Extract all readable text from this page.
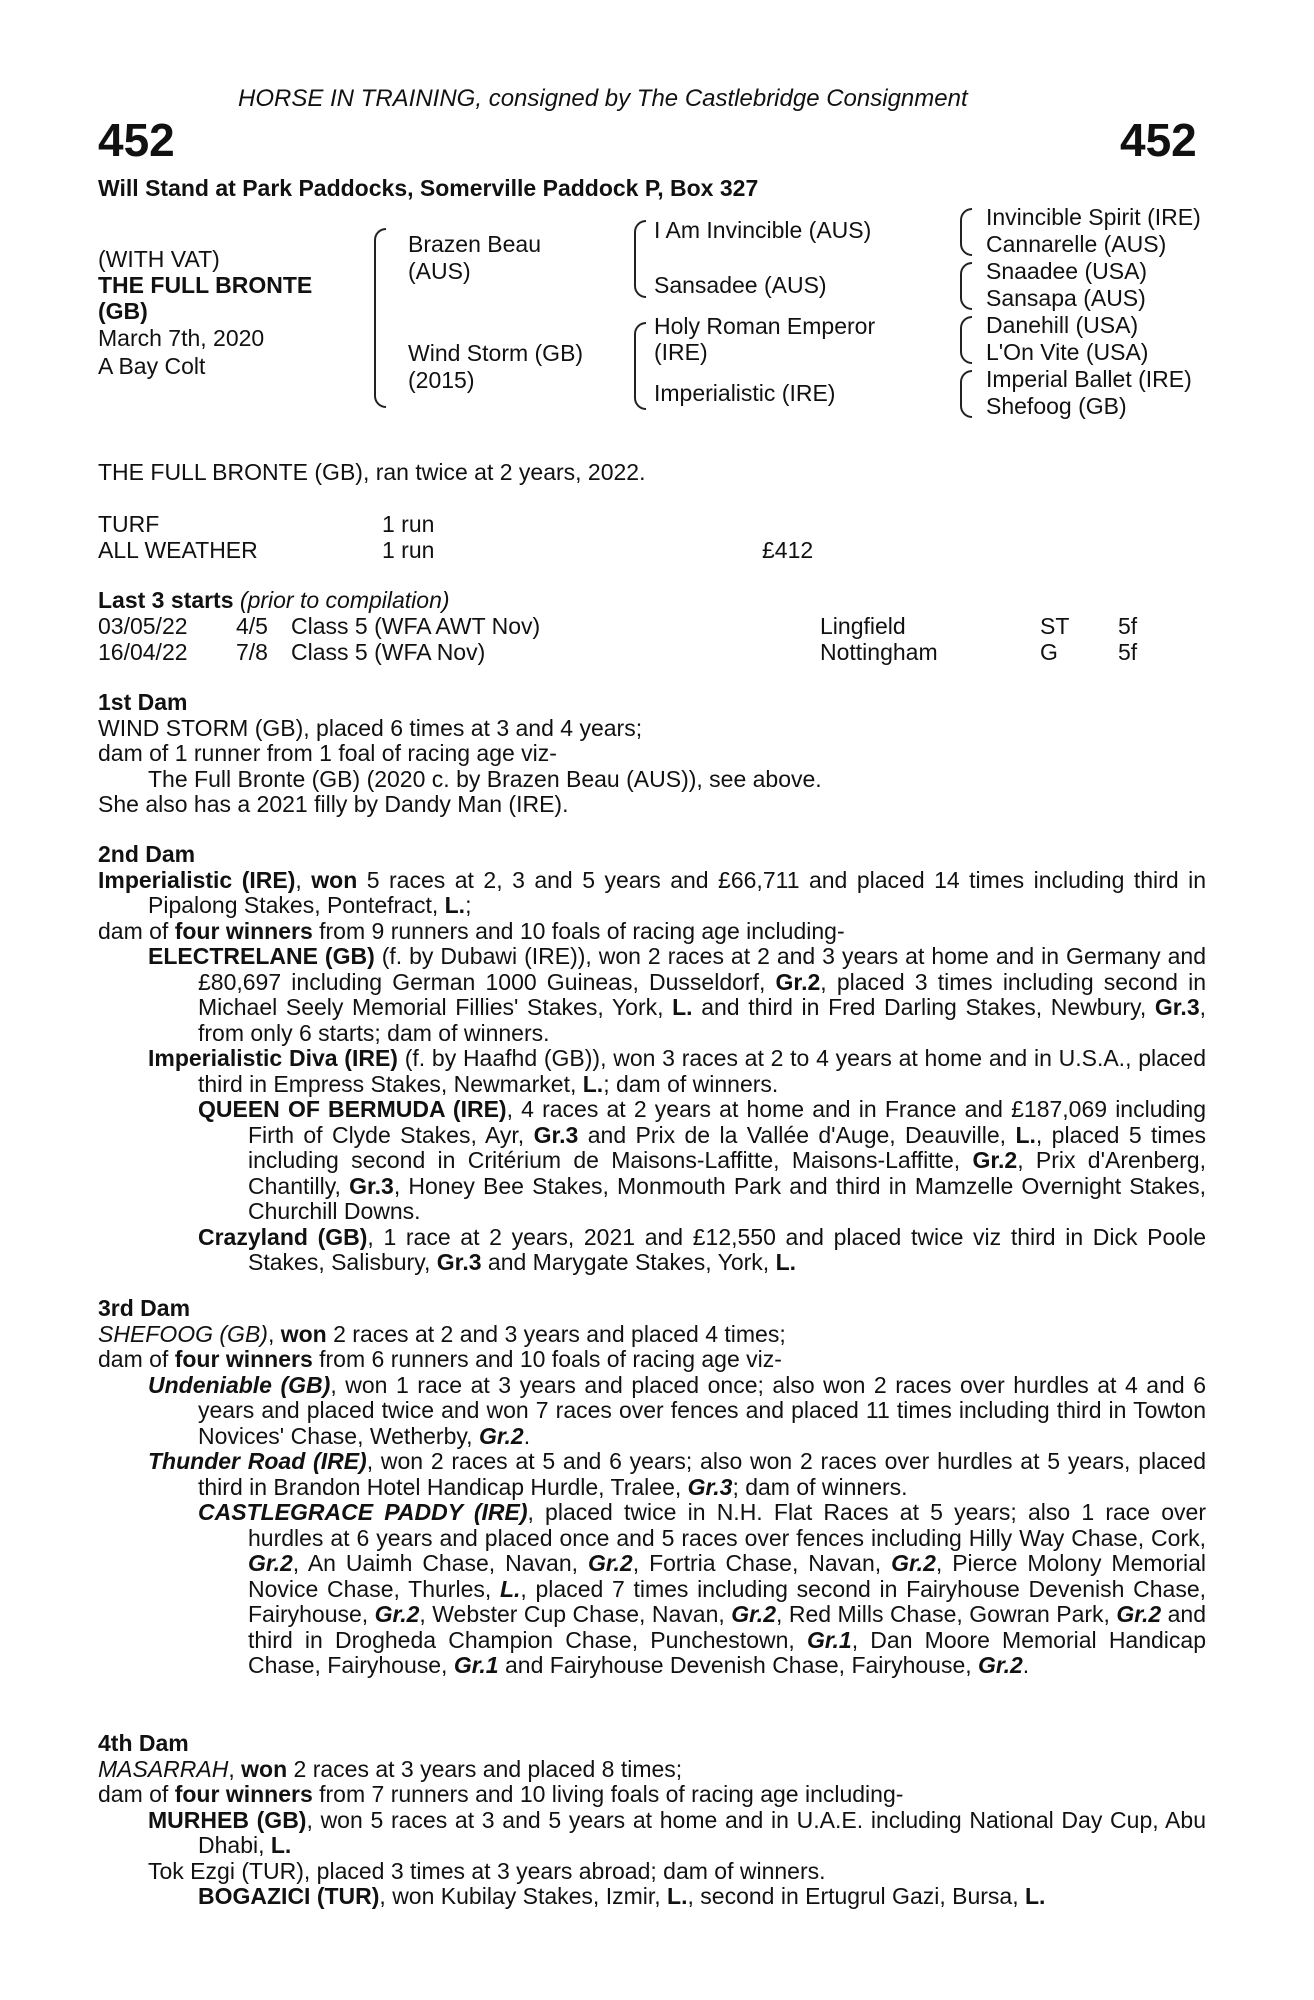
HORSE IN TRAINING, consigned by The Castlebridge Consignment
452	452
Will Stand at Park Paddocks, Somerville Paddock P, Box 327
(WITH VAT)
THE FULL BRONTE
(GB)
March 7th, 2020
A Bay Colt
Brazen Beau
(AUS)
Wind Storm (GB)
(2015)
I Am Invincible (AUS)
Sansadee (AUS)
Holy Roman Emperor
(IRE)
Imperialistic (IRE)
Invincible Spirit (IRE)
Cannarelle (AUS)
Snaadee (USA)
Sansapa (AUS)
Danehill (USA)
L'On Vite (USA)
Imperial Ballet (IRE)
Shefoog (GB)
THE FULL BRONTE (GB), ran twice at 2 years, 2022.
TURF	1 run
ALL WEATHER	1 run	£412
Last 3 starts (prior to compilation)
03/05/22 4/5 Class 5 (WFA AWT Nov)	Lingfield	ST 5f
16/04/22 7/8 Class 5 (WFA Nov)	Nottingham	G	5f

1st Dam

WIND STORM (GB), placed 6 times at 3 and 4 years;

dam of 1 runner from 1 foal of racing age viz-

The Full Bronte (GB) (2020 c. by Brazen Beau (AUS)), see above.

She also has a 2021 filly by Dandy Man (IRE).

2nd Dam

Imperialistic (IRE), won 5 races at 2, 3 and 5 years and £66,711 and placed 14 times including third in Pipalong Stakes, Pontefract, L.;

dam of four winners from 9 runners and 10 foals of racing age including-

ELECTRELANE (GB) (f. by Dubawi (IRE)), won 2 races at 2 and 3 years at home and in Germany and £80,697 including German 1000 Guineas, Dusseldorf, Gr.2, placed 3 times including second in Michael Seely Memorial Fillies' Stakes, York, L. and third in Fred Darling Stakes, Newbury, Gr.3, from only 6 starts; dam of winners.

Imperialistic Diva (IRE) (f. by Haafhd (GB)), won 3 races at 2 to 4 years at home and in U.S.A., placed third in Empress Stakes, Newmarket, L.; dam of winners.

QUEEN OF BERMUDA (IRE), 4 races at 2 years at home and in France and £187,069 including Firth of Clyde Stakes, Ayr, Gr.3 and Prix de la Vallée d'Auge, Deauville, L., placed 5 times including second in Critérium de Maisons-Laffitte, Maisons-Laffitte, Gr.2, Prix d'Arenberg, Chantilly, Gr.3, Honey Bee Stakes, Monmouth Park and third in Mamzelle Overnight Stakes, Churchill Downs.

Crazyland (GB), 1 race at 2 years, 2021 and £12,550 and placed twice viz third in Dick Poole Stakes, Salisbury, Gr.3 and Marygate Stakes, York, L.

3rd Dam

SHEFOOG (GB), won 2 races at 2 and 3 years and placed 4 times;

dam of four winners from 6 runners and 10 foals of racing age viz-

Undeniable (GB), won 1 race at 3 years and placed once; also won 2 races over hurdles at 4 and 6 years and placed twice and won 7 races over fences and placed 11 times including third in Towton Novices' Chase, Wetherby, Gr.2.

Thunder Road (IRE), won 2 races at 5 and 6 years; also won 2 races over hurdles at 5 years, placed third in Brandon Hotel Handicap Hurdle, Tralee, Gr.3; dam of winners.

CASTLEGRACE PADDY (IRE), placed twice in N.H. Flat Races at 5 years; also 1 race over hurdles at 6 years and placed once and 5 races over fences including Hilly Way Chase, Cork, Gr.2, An Uaimh Chase, Navan, Gr.2, Fortria Chase, Navan, Gr.2, Pierce Molony Memorial Novice Chase, Thurles, L., placed 7 times including second in Fairyhouse Devenish Chase, Fairyhouse, Gr.2, Webster Cup Chase, Navan, Gr.2, Red Mills Chase, Gowran Park, Gr.2 and third in Drogheda Champion Chase, Punchestown, Gr.1, Dan Moore Memorial Handicap Chase, Fairyhouse, Gr.1 and Fairyhouse Devenish Chase, Fairyhouse, Gr.2.

4th Dam

MASARRAH, won 2 races at 3 years and placed 8 times;

dam of four winners from 7 runners and 10 living foals of racing age including-

MURHEB (GB), won 5 races at 3 and 5 years at home and in U.A.E. including National Day Cup, Abu Dhabi, L.

Tok Ezgi (TUR), placed 3 times at 3 years abroad; dam of winners.

BOGAZICI (TUR), won Kubilay Stakes, Izmir, L., second in Ertugrul Gazi, Bursa, L.
